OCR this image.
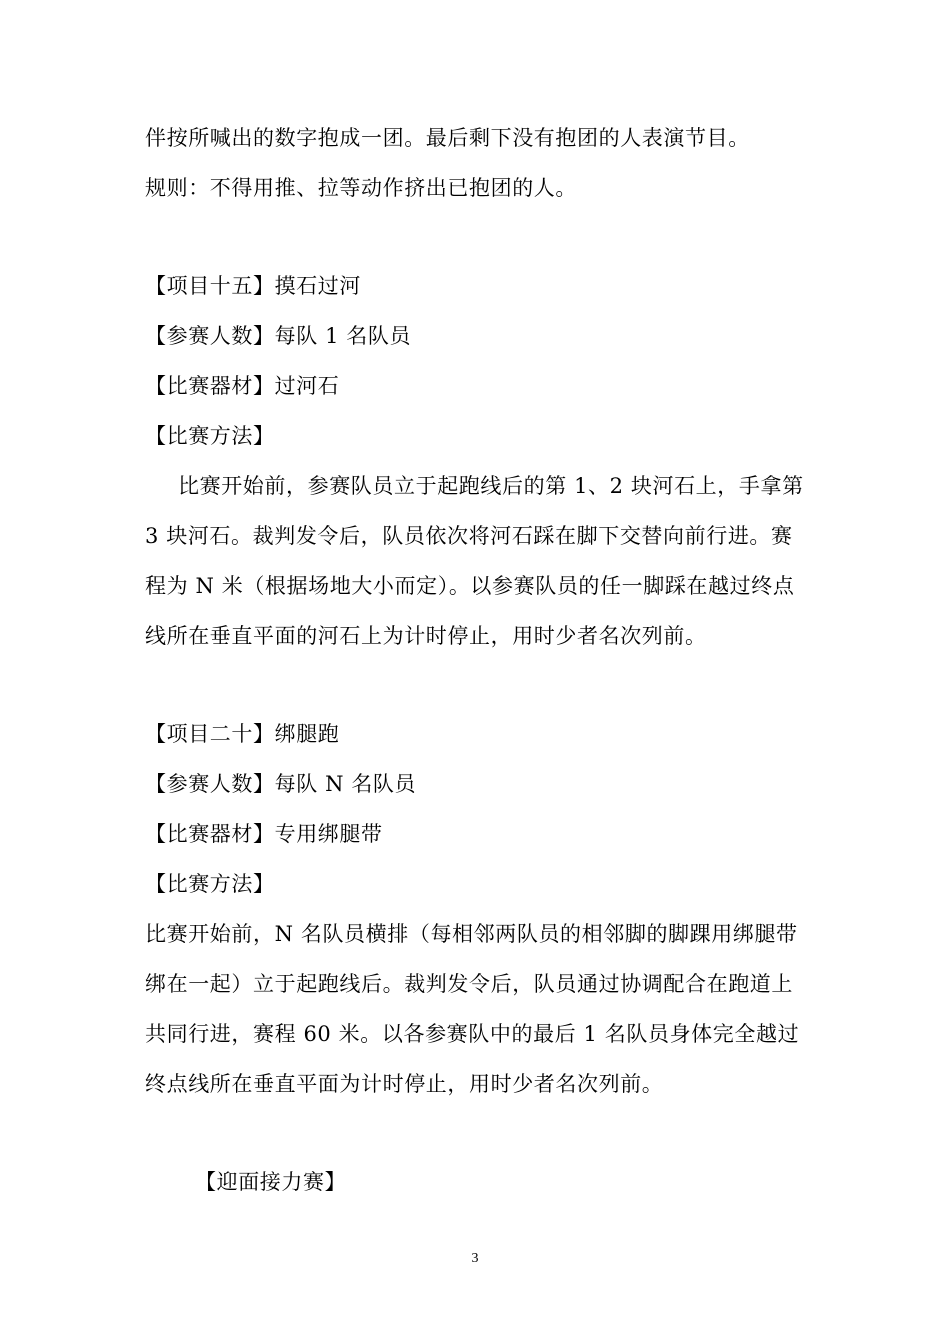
伴按所喊出的数字抱成一团。最后剩下没有抱团的人表演节目。
规则：不得用推、拉等动作挤出已抱团的人。
【项目十五】摸石过河
【参赛人数】每队 1 名队员
【比赛器材】过河石
【比赛方法】
比赛开始前，参赛队员立于起跑线后的第 1、2 块河石上，手拿第
3 块河石。裁判发令后，队员依次将河石踩在脚下交替向前行进。赛
程为 N 米（根据场地大小而定）。以参赛队员的任一脚踩在越过终点
线所在垂直平面的河石上为计时停止，用时少者名次列前。
【项目二十】绑腿跑
【参赛人数】每队 N 名队员
【比赛器材】专用绑腿带
【比赛方法】
比赛开始前，N 名队员横排（每相邻两队员的相邻脚的脚踝用绑腿带
绑在一起）立于起跑线后。裁判发令后，队员通过协调配合在跑道上
共同行进，赛程 60 米。以各参赛队中的最后 1 名队员身体完全越过
终点线所在垂直平面为计时停止，用时少者名次列前。
【迎面接力赛】
3
